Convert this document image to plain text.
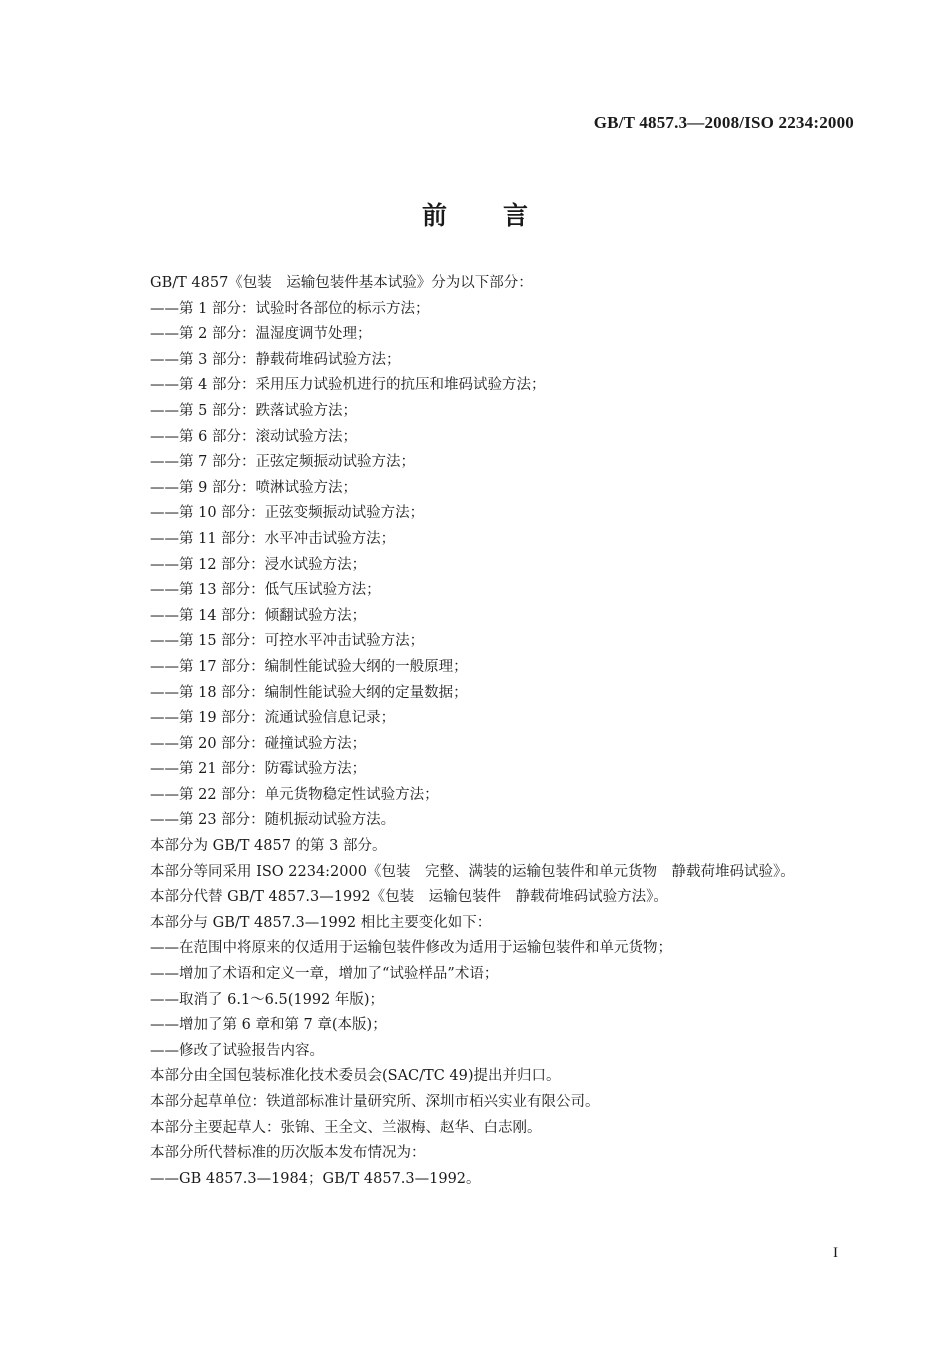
GB/T 4857.3—2008/ISO 2234:2000
前言
GB/T 4857《包装　运输包装件基本试验》分为以下部分：
——第 1 部分：试验时各部位的标示方法；
——第 2 部分：温湿度调节处理；
——第 3 部分：静载荷堆码试验方法；
——第 4 部分：采用压力试验机进行的抗压和堆码试验方法；
——第 5 部分：跌落试验方法；
——第 6 部分：滚动试验方法；
——第 7 部分：正弦定频振动试验方法；
——第 9 部分：喷淋试验方法；
——第 10 部分：正弦变频振动试验方法；
——第 11 部分：水平冲击试验方法；
——第 12 部分：浸水试验方法；
——第 13 部分：低气压试验方法；
——第 14 部分：倾翻试验方法；
——第 15 部分：可控水平冲击试验方法；
——第 17 部分：编制性能试验大纲的一般原理；
——第 18 部分：编制性能试验大纲的定量数据；
——第 19 部分：流通试验信息记录；
——第 20 部分：碰撞试验方法；
——第 21 部分：防霉试验方法；
——第 22 部分：单元货物稳定性试验方法；
——第 23 部分：随机振动试验方法。
本部分为 GB/T 4857 的第 3 部分。
本部分等同采用 ISO 2234:2000《包装　完整、满装的运输包装件和单元货物　静载荷堆码试验》。
本部分代替 GB/T 4857.3—1992《包装　运输包装件　静载荷堆码试验方法》。
本部分与 GB/T 4857.3—1992 相比主要变化如下：
——在范围中将原来的仅适用于运输包装件修改为适用于运输包装件和单元货物；
——增加了术语和定义一章，增加了“试验样品”术语；
——取消了 6.1～6.5(1992 年版)；
——增加了第 6 章和第 7 章(本版)；
——修改了试验报告内容。
本部分由全国包装标准化技术委员会(SAC/TC 49)提出并归口。
本部分起草单位：铁道部标准计量研究所、深圳市栢兴实业有限公司。
本部分主要起草人：张锦、王全文、兰淑梅、赵华、白志刚。
本部分所代替标准的历次版本发布情况为：
——GB 4857.3—1984；GB/T 4857.3—1992。
I
